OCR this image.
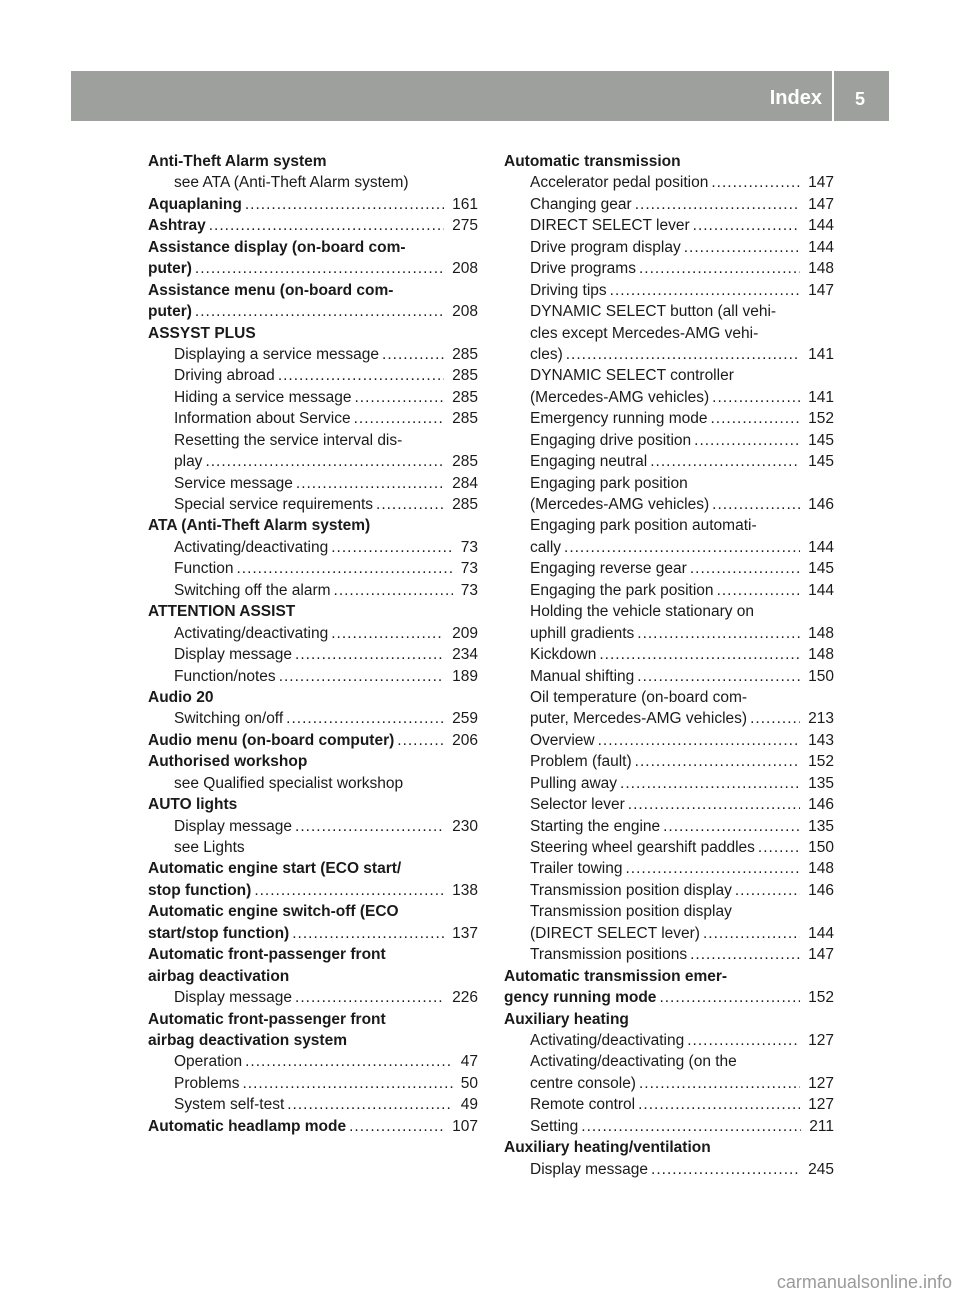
Index 5
Anti-Theft Alarm system
see ATA (Anti-Theft Alarm system)
Aquaplaning .....	161
Ashtray .....	275
Assistance display (on-board com-
puter) .....	208
Assistance menu (on-board com-
puter) .....	208
ASSYST PLUS
Displaying a service message .....	285
Driving abroad .....	285
Hiding a service message .....	285
Information about Service .....	285
Resetting the service interval dis-
play .....	285
Service message .....	284
Special service requirements .....	285
ATA (Anti-Theft Alarm system)
Activating/deactivating .....	73
Function .....	73
Switching off the alarm .....	73
ATTENTION ASSIST
Activating/deactivating .....	209
Display message .....	234
Function/notes .....	189
Audio 20
Switching on/off .....	259
Audio menu (on-board computer) .....	206
Authorised workshop
see Qualified specialist workshop
AUTO lights
Display message .....	230
see Lights
Automatic engine start (ECO start/
stop function) .....	138
Automatic engine switch-off (ECO
start/stop function) .....	137
Automatic front-passenger front
airbag deactivation
Display message .....	226
Automatic front-passenger front
airbag deactivation system
Operation .....	47
Problems .....	50
System self-test .....	49
Automatic headlamp mode .....	107
Automatic transmission
Accelerator pedal position .....	147
Changing gear .....	147
DIRECT SELECT lever .....	144
Drive program display .....	144
Drive programs .....	148
Driving tips .....	147
DYNAMIC SELECT button (all vehi-
cles except Mercedes-AMG vehi-
cles) .....	141
DYNAMIC SELECT controller
(Mercedes-AMG vehicles) .....	141
Emergency running mode .....	152
Engaging drive position .....	145
Engaging neutral .....	145
Engaging park position
(Mercedes-AMG vehicles) .....	146
Engaging park position automati-
cally .....	144
Engaging reverse gear .....	145
Engaging the park position .....	144
Holding the vehicle stationary on
uphill gradients .....	148
Kickdown .....	148
Manual shifting .....	150
Oil temperature (on-board com-
puter, Mercedes-AMG vehicles) .....	213
Overview .....	143
Problem (fault) .....	152
Pulling away .....	135
Selector lever .....	146
Starting the engine .....	135
Steering wheel gearshift paddles .....	150
Trailer towing .....	148
Transmission position display .....	146
Transmission position display
(DIRECT SELECT lever) .....	144
Transmission positions .....	147
Automatic transmission emer-
gency running mode .....	152
Auxiliary heating
Activating/deactivating .....	127
Activating/deactivating (on the
centre console) .....	127
Remote control .....	127
Setting .....	211
Auxiliary heating/ventilation
Display message .....	245
carmanualsonline.info
